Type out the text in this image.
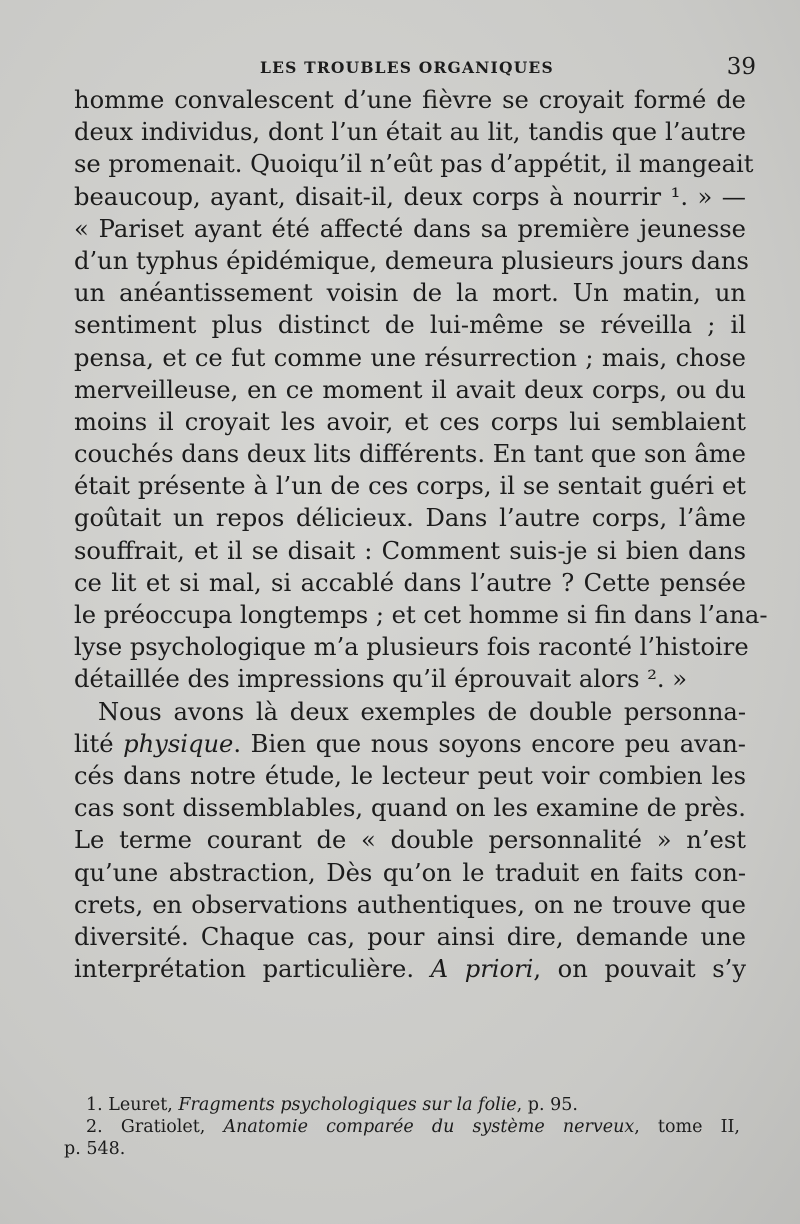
LES TROUBLES ORGANIQUES	39
homme convalescent d’une fièvre se croyait formé de
deux individus, dont l’un était au lit, tandis que l’autre
se promenait. Quoiqu’il n’eût pas d’appétit, il mangeait
beaucoup, ayant, disait-il, deux corps à nourrir ¹. » —
« Pariset ayant été affecté dans sa première jeunesse
d’un typhus épidémique, demeura plusieurs jours dans
un anéantissement voisin de la mort. Un matin, un
sentiment plus distinct de lui-même se réveilla ; il
pensa, et ce fut comme une résurrection ; mais, chose
merveilleuse, en ce moment il avait deux corps, ou du
moins il croyait les avoir, et ces corps lui semblaient
couchés dans deux lits différents. En tant que son âme
était présente à l’un de ces corps, il se sentait guéri et
goûtait un repos délicieux. Dans l’autre corps, l’âme
souffrait, et il se disait : Comment suis-je si bien dans
ce lit et si mal, si accablé dans l’autre ? Cette pensée
le préoccupa longtemps ; et cet homme si fin dans l’ana-
lyse psychologique m’a plusieurs fois raconté l’histoire
détaillée des impressions qu’il éprouvait alors ². »
Nous avons là deux exemples de double personna-
lité physique. Bien que nous soyons encore peu avan-
cés dans notre étude, le lecteur peut voir combien les
cas sont dissemblables, quand on les examine de près.
Le terme courant de « double personnalité » n’est
qu’une abstraction, Dès qu’on le traduit en faits con-
crets, en observations authentiques, on ne trouve que
diversité. Chaque cas, pour ainsi dire, demande une
interprétation particulière. A priori, on pouvait s’y
1. Leuret, Fragments psychologiques sur la folie, p. 95.
2. Gratiolet, Anatomie comparée du système nerveux, tome II,
p. 548.
